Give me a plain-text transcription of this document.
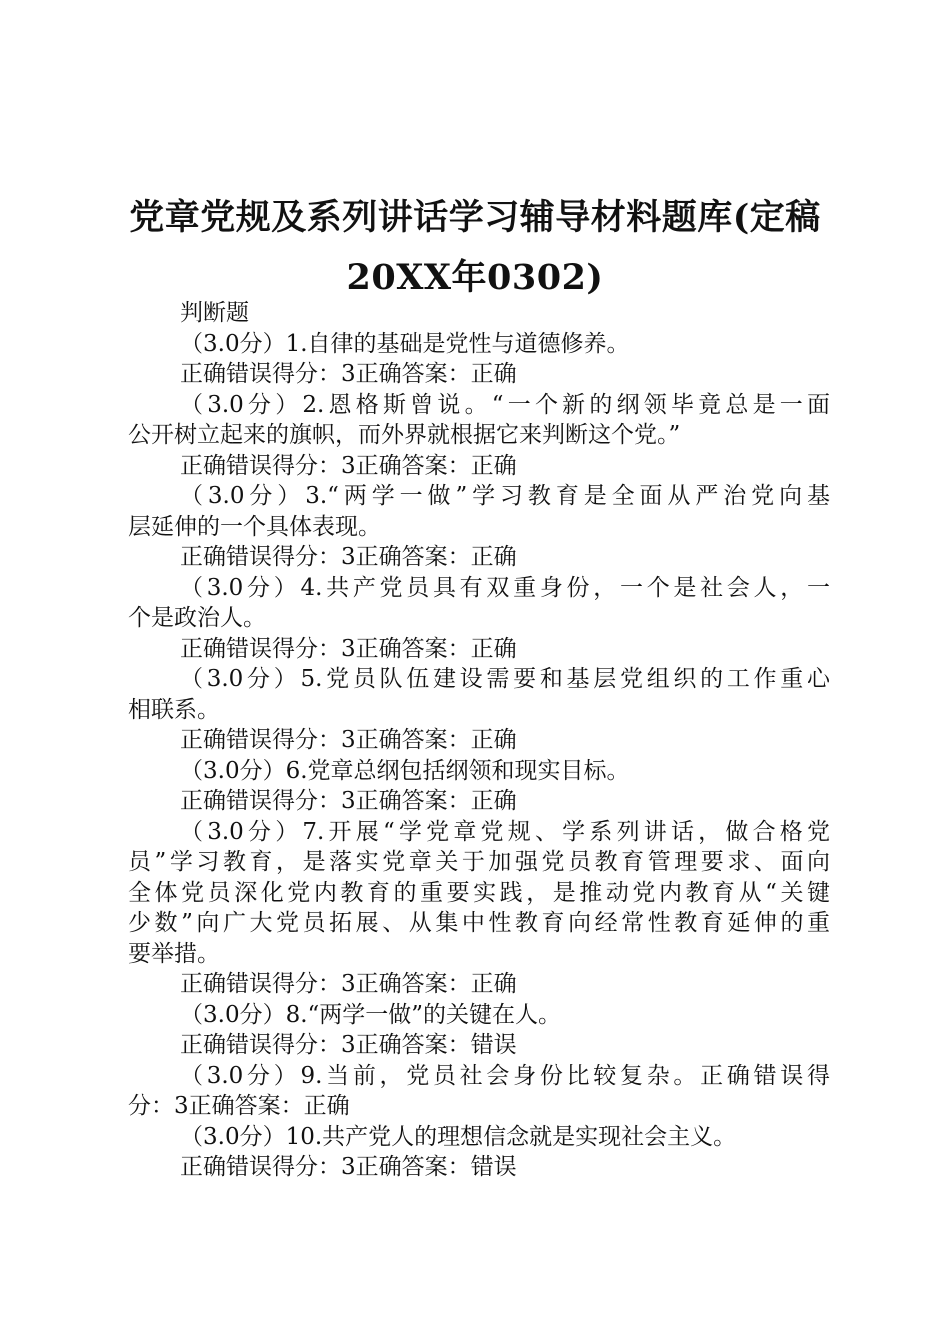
党章党规及系列讲话学习辅导材料题库(定稿
20XX年0302)
判断题
（3.0分）1.自律的基础是党性与道德修养。
正确错误得分：3正确答案：正确
（3.0分）2.恩格斯曾说。“一个新的纲领毕竟总是一面
公开树立起来的旗帜，而外界就根据它来判断这个党。”
正确错误得分：3正确答案：正确
（3.0分）3.“两学一做”学习教育是全面从严治党向基
层延伸的一个具体表现。
正确错误得分：3正确答案：正确
（3.0分）4.共产党员具有双重身份，一个是社会人，一
个是政治人。
正确错误得分：3正确答案：正确
（3.0分）5.党员队伍建设需要和基层党组织的工作重心
相联系。
正确错误得分：3正确答案：正确
（3.0分）6.党章总纲包括纲领和现实目标。
正确错误得分：3正确答案：正确
（3.0分）7.开展“学党章党规、学系列讲话，做合格党
员”学习教育，是落实党章关于加强党员教育管理要求、面向
全体党员深化党内教育的重要实践，是推动党内教育从“关键
少数”向广大党员拓展、从集中性教育向经常性教育延伸的重
要举措。
正确错误得分：3正确答案：正确
（3.0分）8.“两学一做”的关键在人。
正确错误得分：3正确答案：错误
（3.0分）9.当前，党员社会身份比较复杂。正确错误得
分：3正确答案：正确
（3.0分）10.共产党人的理想信念就是实现社会主义。
正确错误得分：3正确答案：错误
